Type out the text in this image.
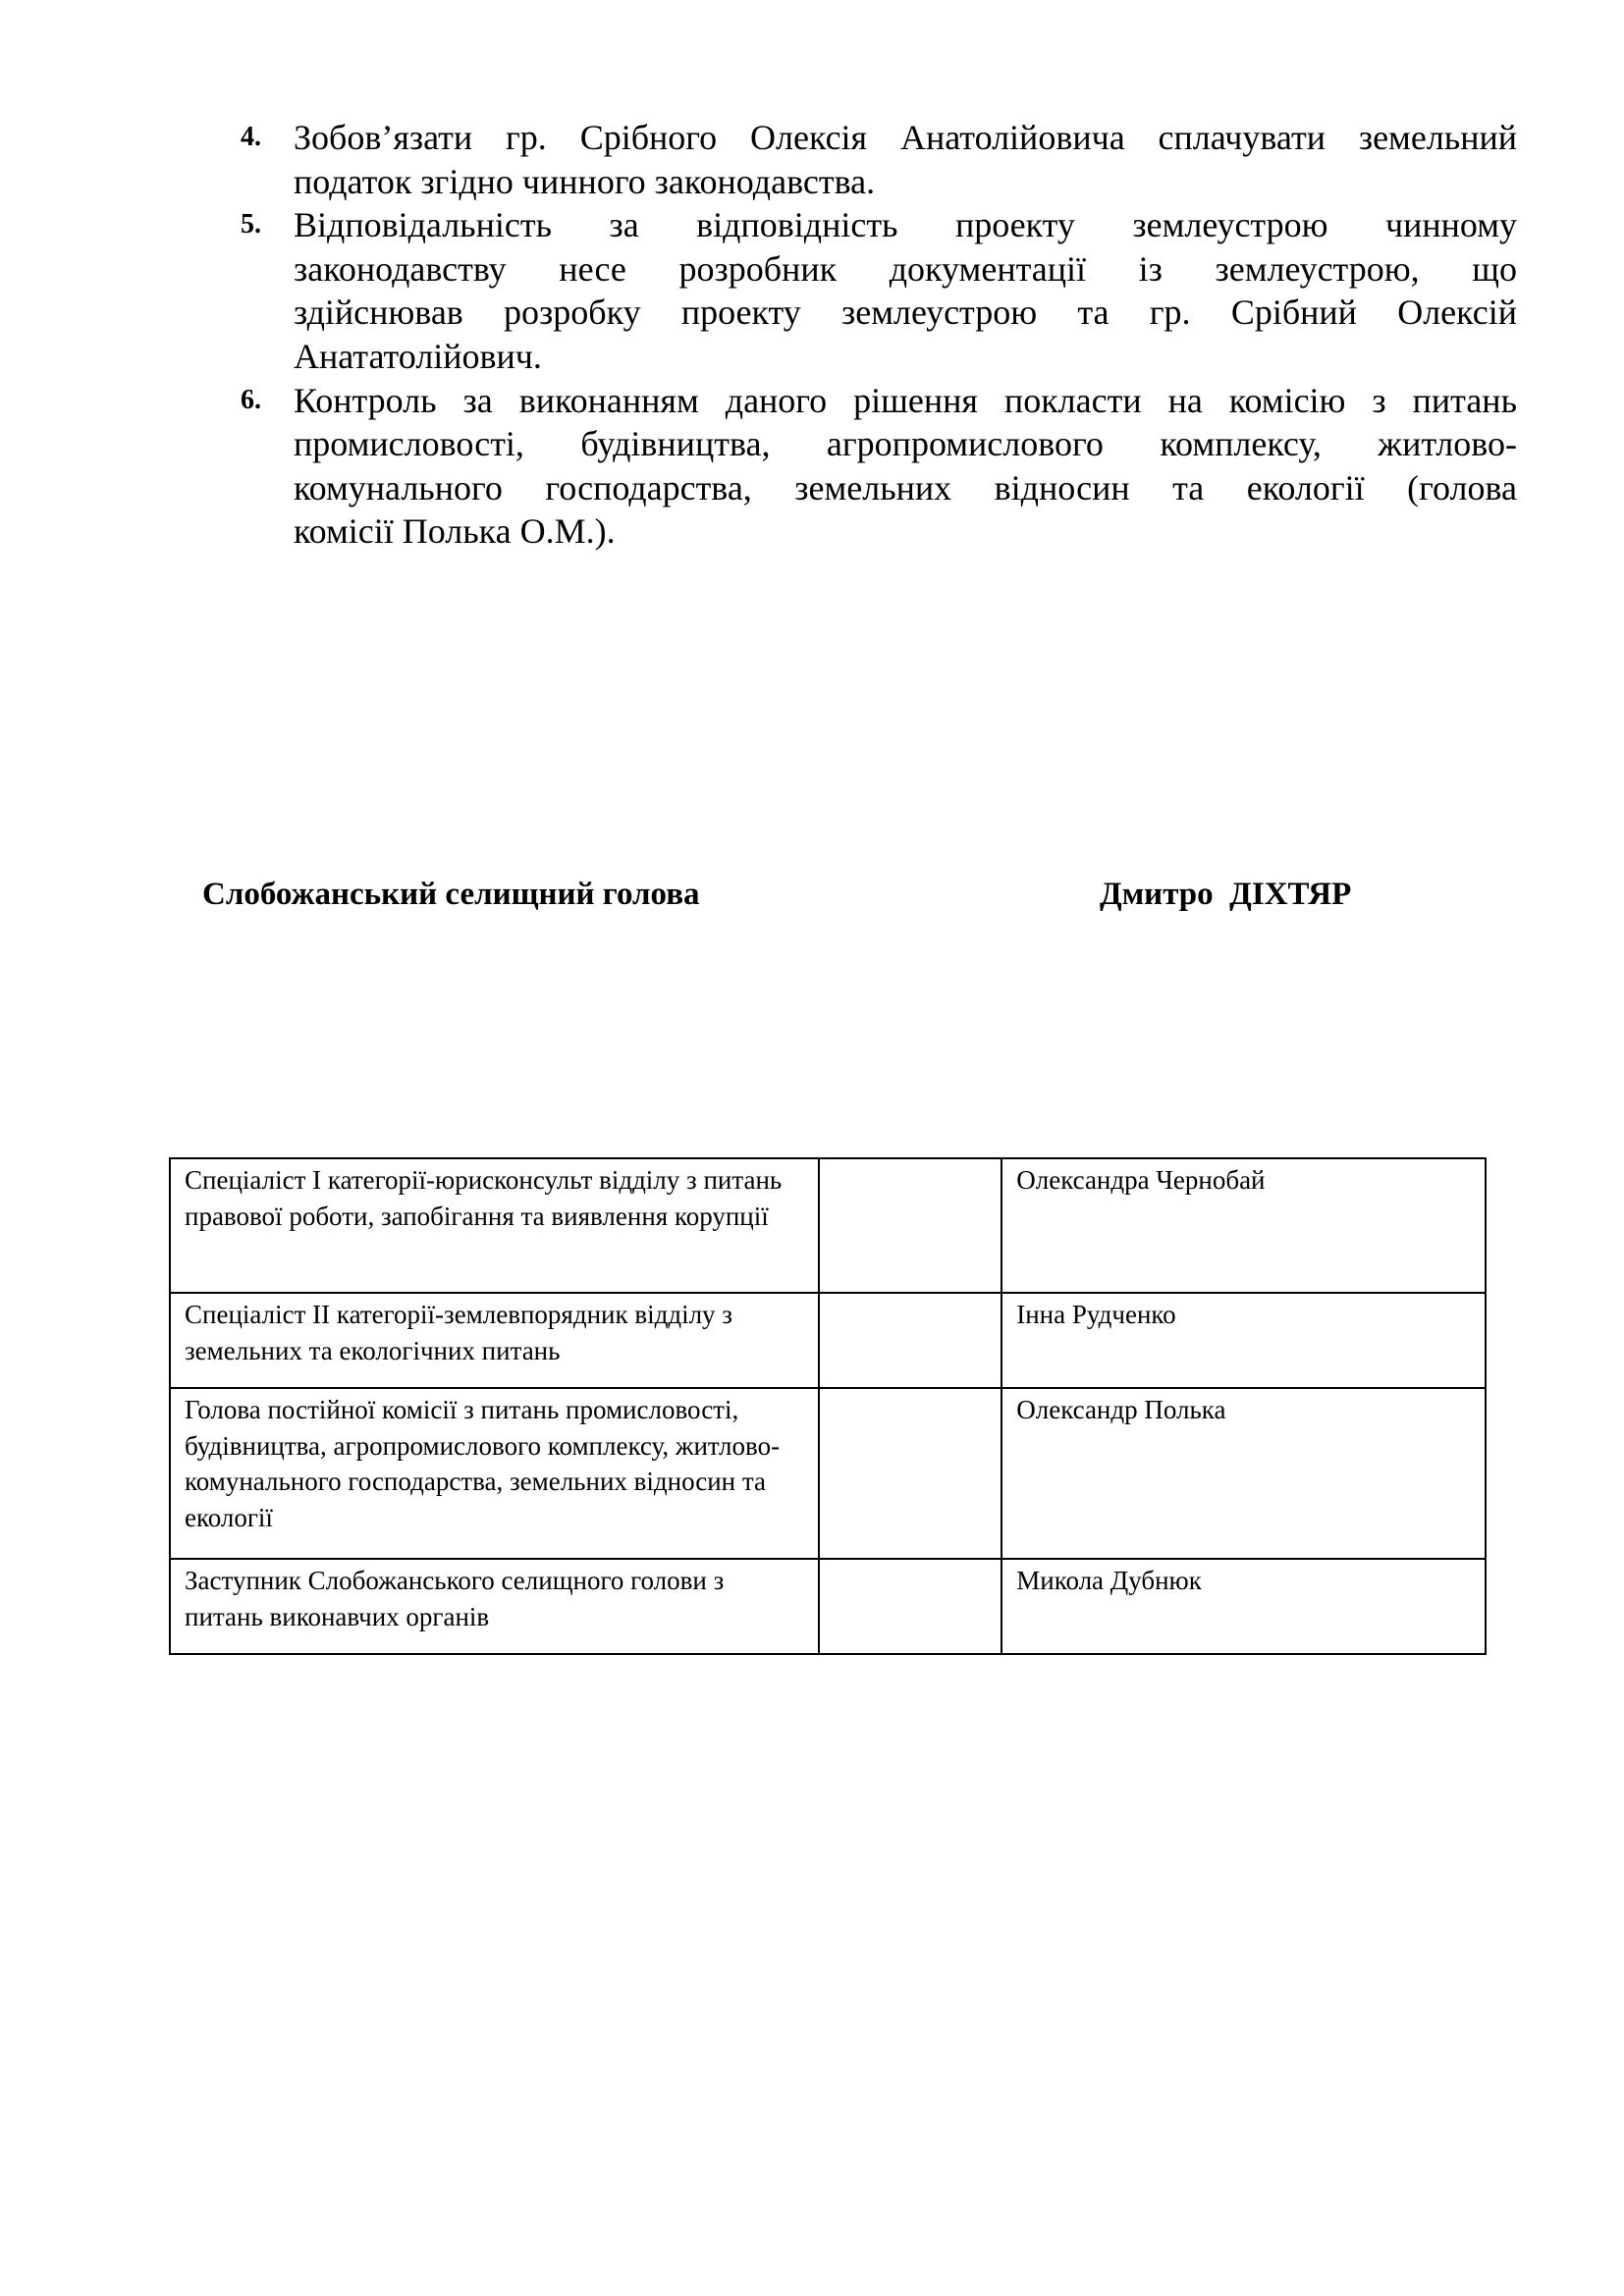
4. Зобов’язати гр. Срібного Олексія Анатолійовича сплачувати земельний
податок згідно чинного законодавства.
5. Відповідальність за відповідність проекту землеустрою чинному
законодавству несе розробник документації із землеустрою, що
здійснював розробку проекту землеустрою та гр. Срібний Олексій
Анататолійович.
6. Контроль за виконанням даного рішення покласти на комісію з питань
промисловості, будівництва, агропромислового комплексу, житлово-
комунального господарства, земельних відносин та екології (голова
комісії Полька О.М.).
Слобожанський селищний голова	Дмитро  ДІХТЯР
Спеціаліст І категорії-юрисконсульт відділу з питань правової роботи, запобігання та виявлення корупції		Олександра Чернобай
Спеціаліст ІІ категорії-землевпорядник відділу з земельних та екологічних питань		Інна Рудченко
Голова постійної комісії з питань промисловості, будівництва, агропромислового комплексу, житлово-комунального господарства, земельних відносин та екології		Олександр Полька
Заступник Слобожанського селищного голови з питань виконавчих органів		Микола Дубнюк
